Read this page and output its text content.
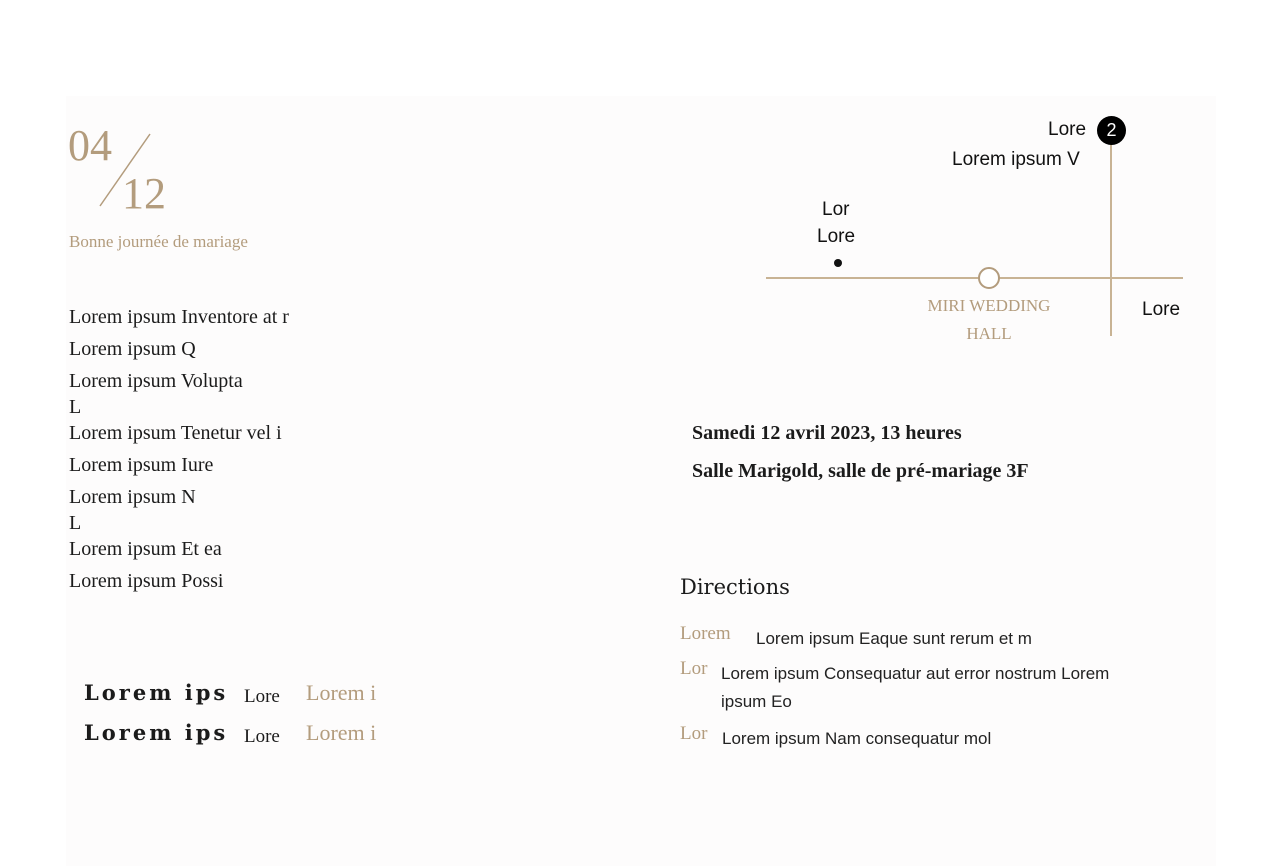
04
12
Bonne journée de mariage
Lorem ipsum Inventore at r
Lorem ipsum Q
Lorem ipsum Volupta
L
Lorem ipsum Tenetur vel i
Lorem ipsum Iure
Lorem ipsum N
L
Lorem ipsum Et ea
Lorem ipsum Possi
Lorem ips Lore Lorem i
Lorem ips Lore Lorem i
2
Lore
Lorem ipsum V
Lor
Lore
Lore
MIRI WEDDING
HALL
Samedi 12 avril 2023, 13 heures
Salle Marigold, salle de pré-mariage 3F
Directions
Lorem Lorem ipsum Eaque sunt rerum et m
Lor Lorem ipsum Consequatur aut error nostrum Lorem ipsum Eo
Lor Lorem ipsum Nam consequatur mol
